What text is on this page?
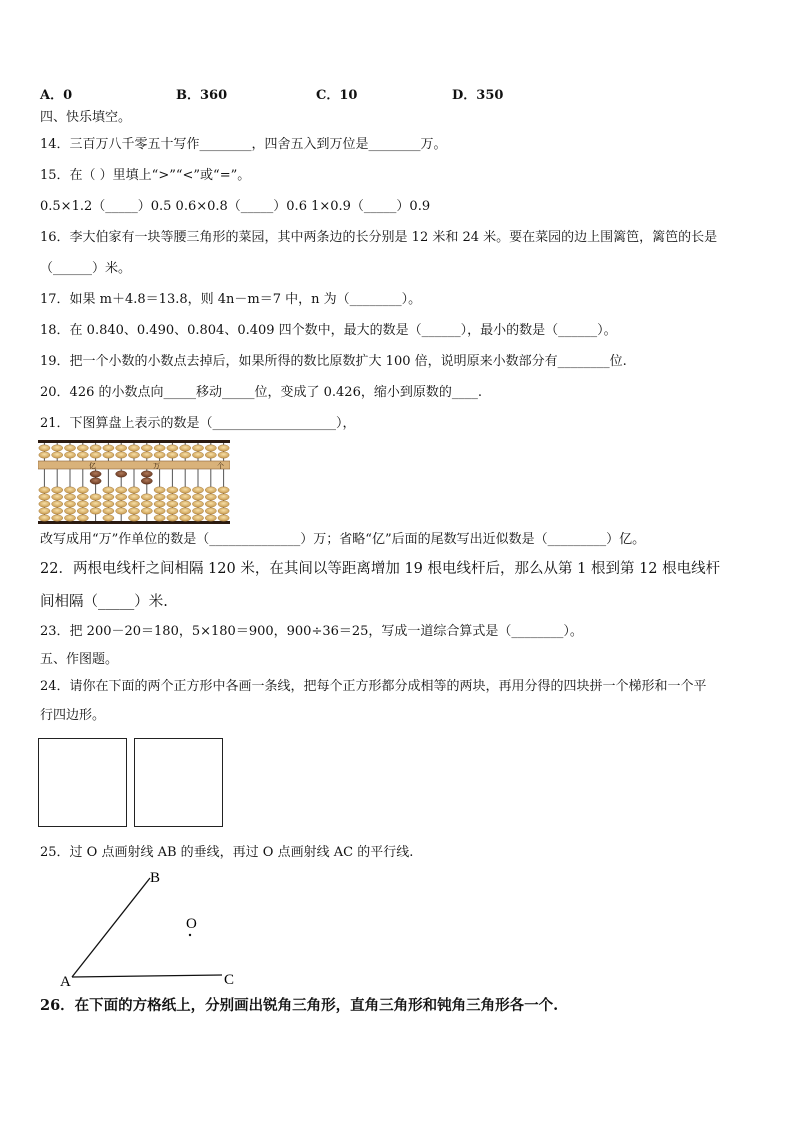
A．0	B．360	C．10	D．350
四、快乐填空。
14．三百万八千零五十写作________，四舍五入到万位是________万。
15．在（ ）里填上“>”“<”或“=”。
0.5×1.2（_____）0.5 0.6×0.8（_____）0.6 1×0.9（_____）0.9
16．李大伯家有一块等腰三角形的菜园，其中两条边的长分别是 12 米和 24 米。要在菜园的边上围篱笆，篱笆的长是
（______）米。
17．如果 m＋4.8＝13.8，则 4n－m＝7 中，n 为（________）。
18．在 0.840、0.490、0.804、0.409 四个数中，最大的数是（______），最小的数是（______）。
19．把一个小数的小数点去掉后，如果所得的数比原数扩大 100 倍，说明原来小数部分有________位.
20．426 的小数点向_____移动_____位，变成了 0.426，缩小到原数的____.
21．下图算盘上表示的数是（___________________），
亿	万	个
改写成用“万”作单位的数是（______________）万；省略“亿”后面的尾数写出近似数是（_________）亿。
22．两根电线杆之间相隔 120 米，在其间以等距离增加 19 根电线杆后，那么从第 1 根到第 12 根电线杆
间相隔（_____）米.
23．把 200－20＝180，5×180＝900，900÷36＝25，写成一道综合算式是（________）。
五、作图题。
24．请你在下面的两个正方形中各画一条线，把每个正方形都分成相等的两块，再用分得的四块拼一个梯形和一个平
行四边形。
25．过 O 点画射线 AB 的垂线，再过 O 点画射线 AC 的平行线.
B
O
A	C
26．在下面的方格纸上，分别画出锐角三角形，直角三角形和钝角三角形各一个.
